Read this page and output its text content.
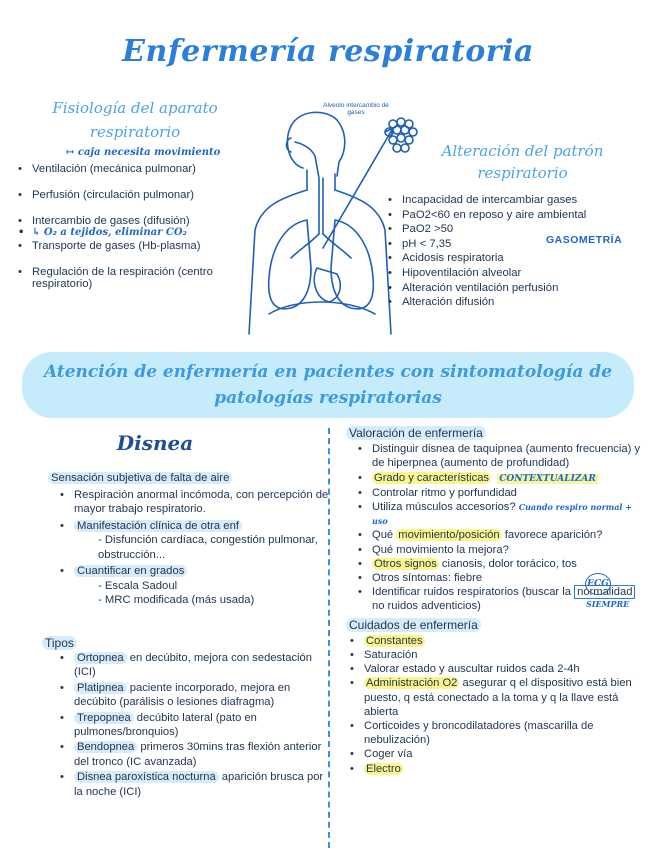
Enfermería respiratoria
Fisiología del aparato
respiratorio
↦ caja necesita movimiento
• Ventilación (mecánica pulmonar)
• Perfusión (circulación pulmonar)
• Intercambio de gases (difusión)
• ↳ O₂ a tejidos, eliminar CO₂
• Transporte de gases (Hb-plasma)
• Regulación de la respiración (centro respiratorio)
Alveolo intercambio de gases
Alteración del patrón
respiratorio
• Incapacidad de intercambiar gases
• PaO2<60 en reposo y aire ambiental
• PaO2 >50
• pH < 7,35
• Acidosis respiratoria
• Hipoventilación alveolar
• Alteración ventilación perfusión
• Alteración difusión
GASOMETRÍA
Atención de enfermería en pacientes con sintomatología de
patologías respiratorias
Disnea
Sensación subjetiva de falta de aire
• Respiración anormal incómoda, con percepción de mayor trabajo respiratorio.
• Manifestación clínica de otra enf
- Disfunción cardíaca, congestión pulmonar, obstrucción...
• Cuantificar en grados
- Escala Sadoul
- MRC modificada (más usada)
Tipos
• Ortopnea en decúbito, mejora con sedestación (ICI)
• Platipnea paciente incorporado, mejora en decúbito (parálisis o lesiones diafragma)
• Trepopnea decúbito lateral (pato en pulmones/bronquios)
• Bendopnea primeros 30mins tras flexión anterior del tronco (IC avanzada)
• Disnea paroxística nocturna aparición brusca por la noche (ICI)
Valoración de enfermería
• Distinguir disnea de taquipnea (aumento frecuencia) y de hiperpnea (aumento de profundidad)
• Grado y características CONTEXTUALIZAR
• Controlar ritmo y porfundidad
• Utiliza músculos accesorios? Cuando respiro normal + uso
• Qué movimiento/posición favorece aparición?
• Qué movimiento la mejora?
• Otros signos cianosis, dolor torácico, tos
• Otros síntomas: fiebre
• Identificar ruidos respiratorios (buscar la normalidad no ruidos adventicios)
Cuidados de enfermería
• Constantes
• Saturación
• Valorar estado y auscultar ruidos cada 2-4h
• Administración O2 asegurar q el dispositivo está bien puesto, q está conectado a la toma y q la llave está abierta
• Corticoides y broncodilatadores (mascarilla de nebulización)
• Coger vía
• Electro
ECG
SIEMPRE
